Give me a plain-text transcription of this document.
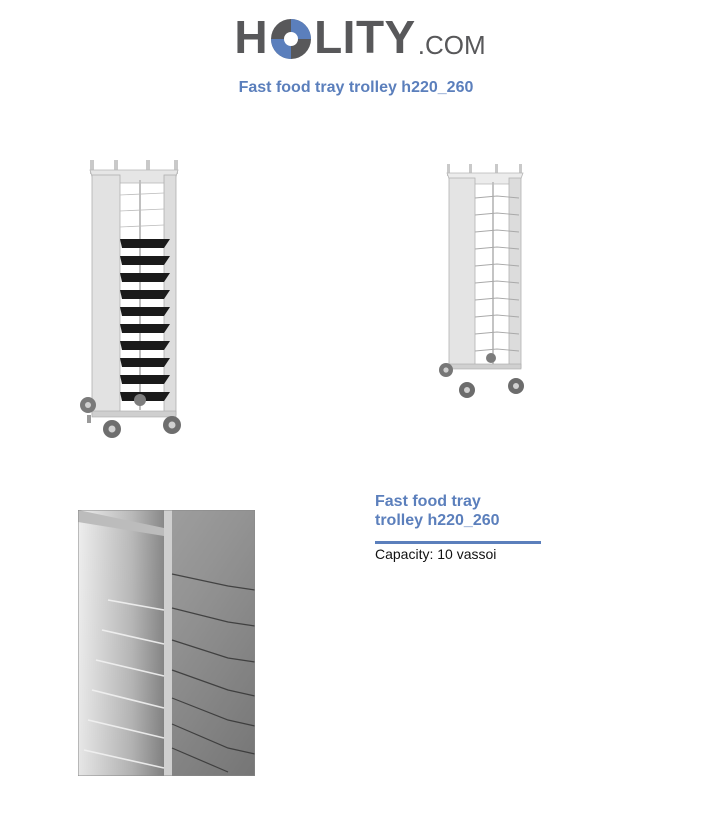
H LITY .COM
Fast food tray trolley h220_260
Fast food tray
trolley h220_260
Capacity: 10 vassoi
